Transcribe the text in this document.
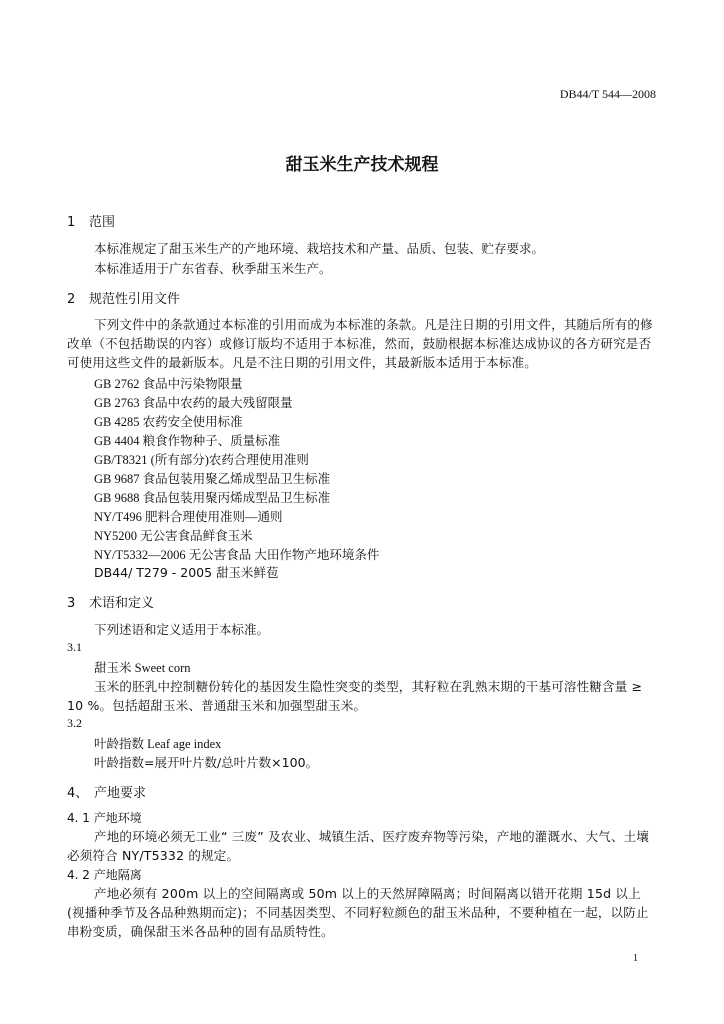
DB44/T 544—2008
甜玉米生产技术规程
1 范围
本标准规定了甜玉米生产的产地环境、栽培技术和产量、品质、包装、贮存要求。
本标准适用于广东省春、秋季甜玉米生产。
2 规范性引用文件
下列文件中的条款通过本标准的引用而成为本标准的条款。凡是注日期的引用文件，其随后所有的修改单（不包括勘误的内容）或修订版均不适用于本标准，然而，鼓励根据本标准达成协议的各方研究是否可使用这些文件的最新版本。凡是不注日期的引用文件，其最新版本适用于本标准。
GB 2762 食品中污染物限量
GB 2763 食品中农药的最大残留限量
GB 4285 农药安全使用标准
GB 4404 粮食作物种子、质量标准
GB/T8321 (所有部分)农药合理使用准则
GB 9687 食品包装用聚乙烯成型品卫生标准
GB 9688 食品包装用聚丙烯成型品卫生标准
NY/T496 肥料合理使用准则—通则
NY5200 无公害食品鲜食玉米
NY/T5332—2006 无公害食品 大田作物产地环境条件
DB44/ T279 - 2005 甜玉米鲜苞
3 术语和定义
下列述语和定义适用于本标准。
3.1
甜玉米 Sweet corn
玉米的胚乳中控制糖份转化的基因发生隐性突变的类型，其籽粒在乳熟末期的干基可溶性糖含量 ≥ 10 %。包括超甜玉米、普通甜玉米和加强型甜玉米。
3.2
叶龄指数 Leaf age index
叶龄指数=展开叶片数/总叶片数×100。
4、 产地要求
4. 1 产地环境
产地的环境必须无工业“ 三废” 及农业、城镇生活、医疗废弃物等污染，产地的灌溉水、大气、土壤必须符合 NY/T5332 的规定。
4. 2 产地隔离
产地必须有 200m 以上的空间隔离或 50m 以上的天然屏障隔离；时间隔离以错开花期 15d 以上 (视播种季节及各品种熟期而定)；不同基因类型、不同籽粒颜色的甜玉米品种，不要种植在一起，以防止串粉变质，确保甜玉米各品种的固有品质特性。
1
